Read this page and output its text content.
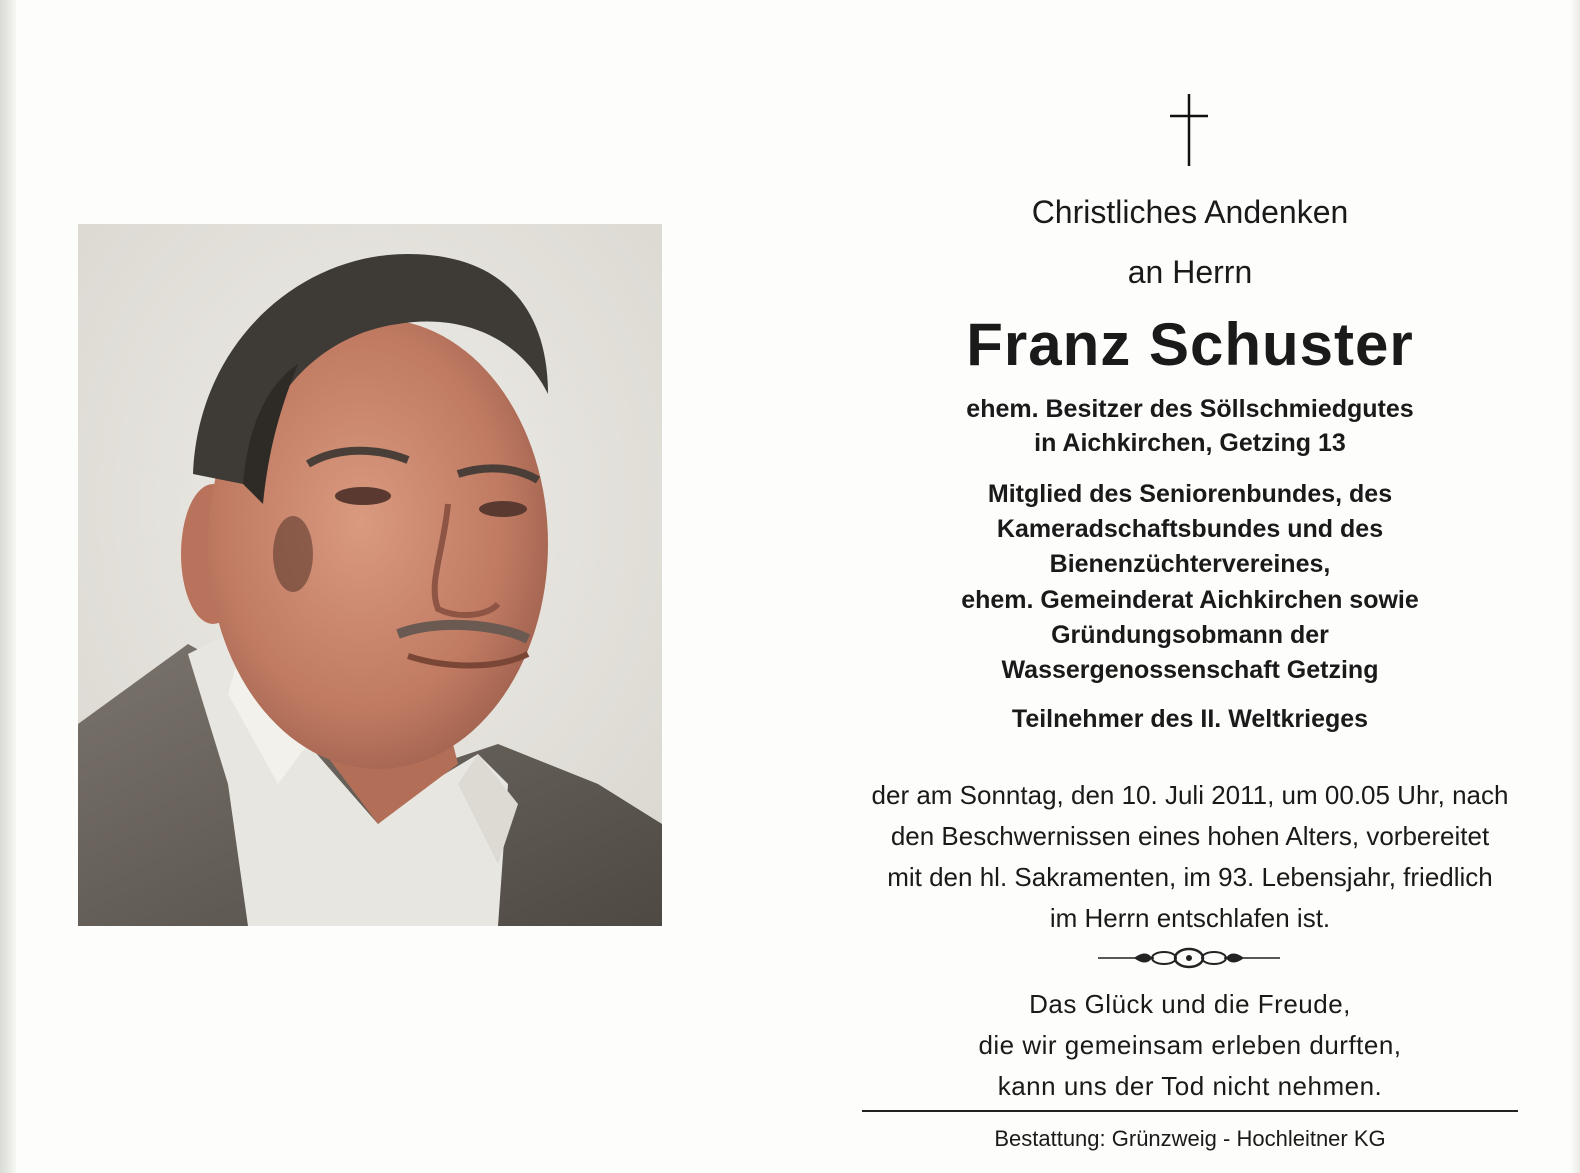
Christliches Andenken
an Herrn
Franz Schuster
ehem. Besitzer des Söllschmiedgutes
in Aichkirchen, Getzing 13
Mitglied des Seniorenbundes, des
Kameradschaftsbundes und des
Bienenzüchtervereines,
ehem. Gemeinderat Aichkirchen sowie
Gründungsobmann der
Wassergenossenschaft Getzing
Teilnehmer des II. Weltkrieges
der am Sonntag, den 10. Juli 2011, um 00.05 Uhr, nach
den Beschwernissen eines hohen Alters, vorbereitet
mit den hl. Sakramenten, im 93. Lebensjahr, friedlich
im Herrn entschlafen ist.
Das Glück und die Freude,
die wir gemeinsam erleben durften,
kann uns der Tod nicht nehmen.
Bestattung: Grünzweig - Hochleitner KG
